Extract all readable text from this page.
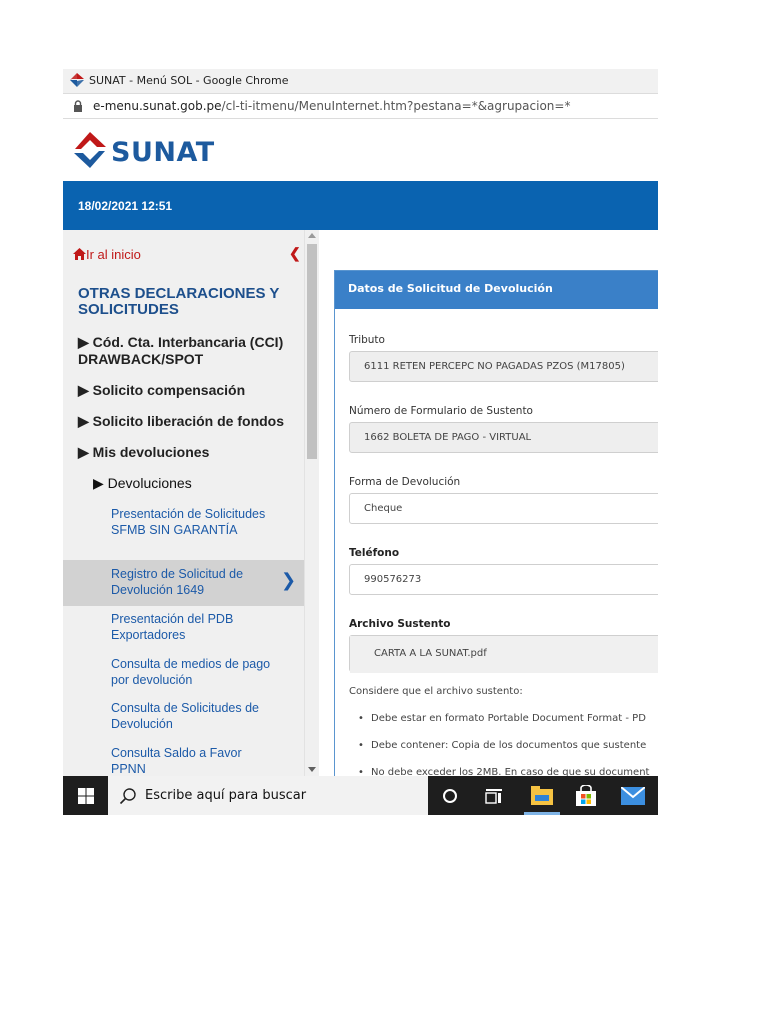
SUNAT - Menú SOL - Google Chrome
e-menu.sunat.gob.pe/cl-ti-itmenu/MenuInternet.htm?pestana=*&agrupacion=*
SUNAT
18/02/2021 12:51
❯
Ir al inicio	❮
OTRAS DECLARACIONES Y SOLICITUDES
▶ Cód. Cta. Interbancaria (CCI) DRAWBACK/SPOT
▶ Solicito compensación
▶ Solicito liberación de fondos
▶ Mis devoluciones
▶ Devoluciones
Presentación de Solicitudes SFMB SIN GARANTÍA
Registro de Solicitud de Devolución 1649
Presentación del PDB Exportadores
Consulta de medios de pago por devolución
Consulta de Solicitudes de Devolución
Consulta Saldo a Favor PPNN
Datos de Solicitud de Devolución
Tributo
6111 RETEN PERCEPC NO PAGADAS PZOS (M17805)
Número de Formulario de Sustento
1662 BOLETA DE PAGO - VIRTUAL
Forma de Devolución
Cheque
Teléfono
990576273
Archivo Sustento
CARTA A LA SUNAT.pdf
Considere que el archivo sustento:
• Debe estar en formato Portable Document Format - PD
• Debe contener: Copia de los documentos que sustente
• No debe exceder los 2MB. En caso de que su document
Escribe aquí para buscar
